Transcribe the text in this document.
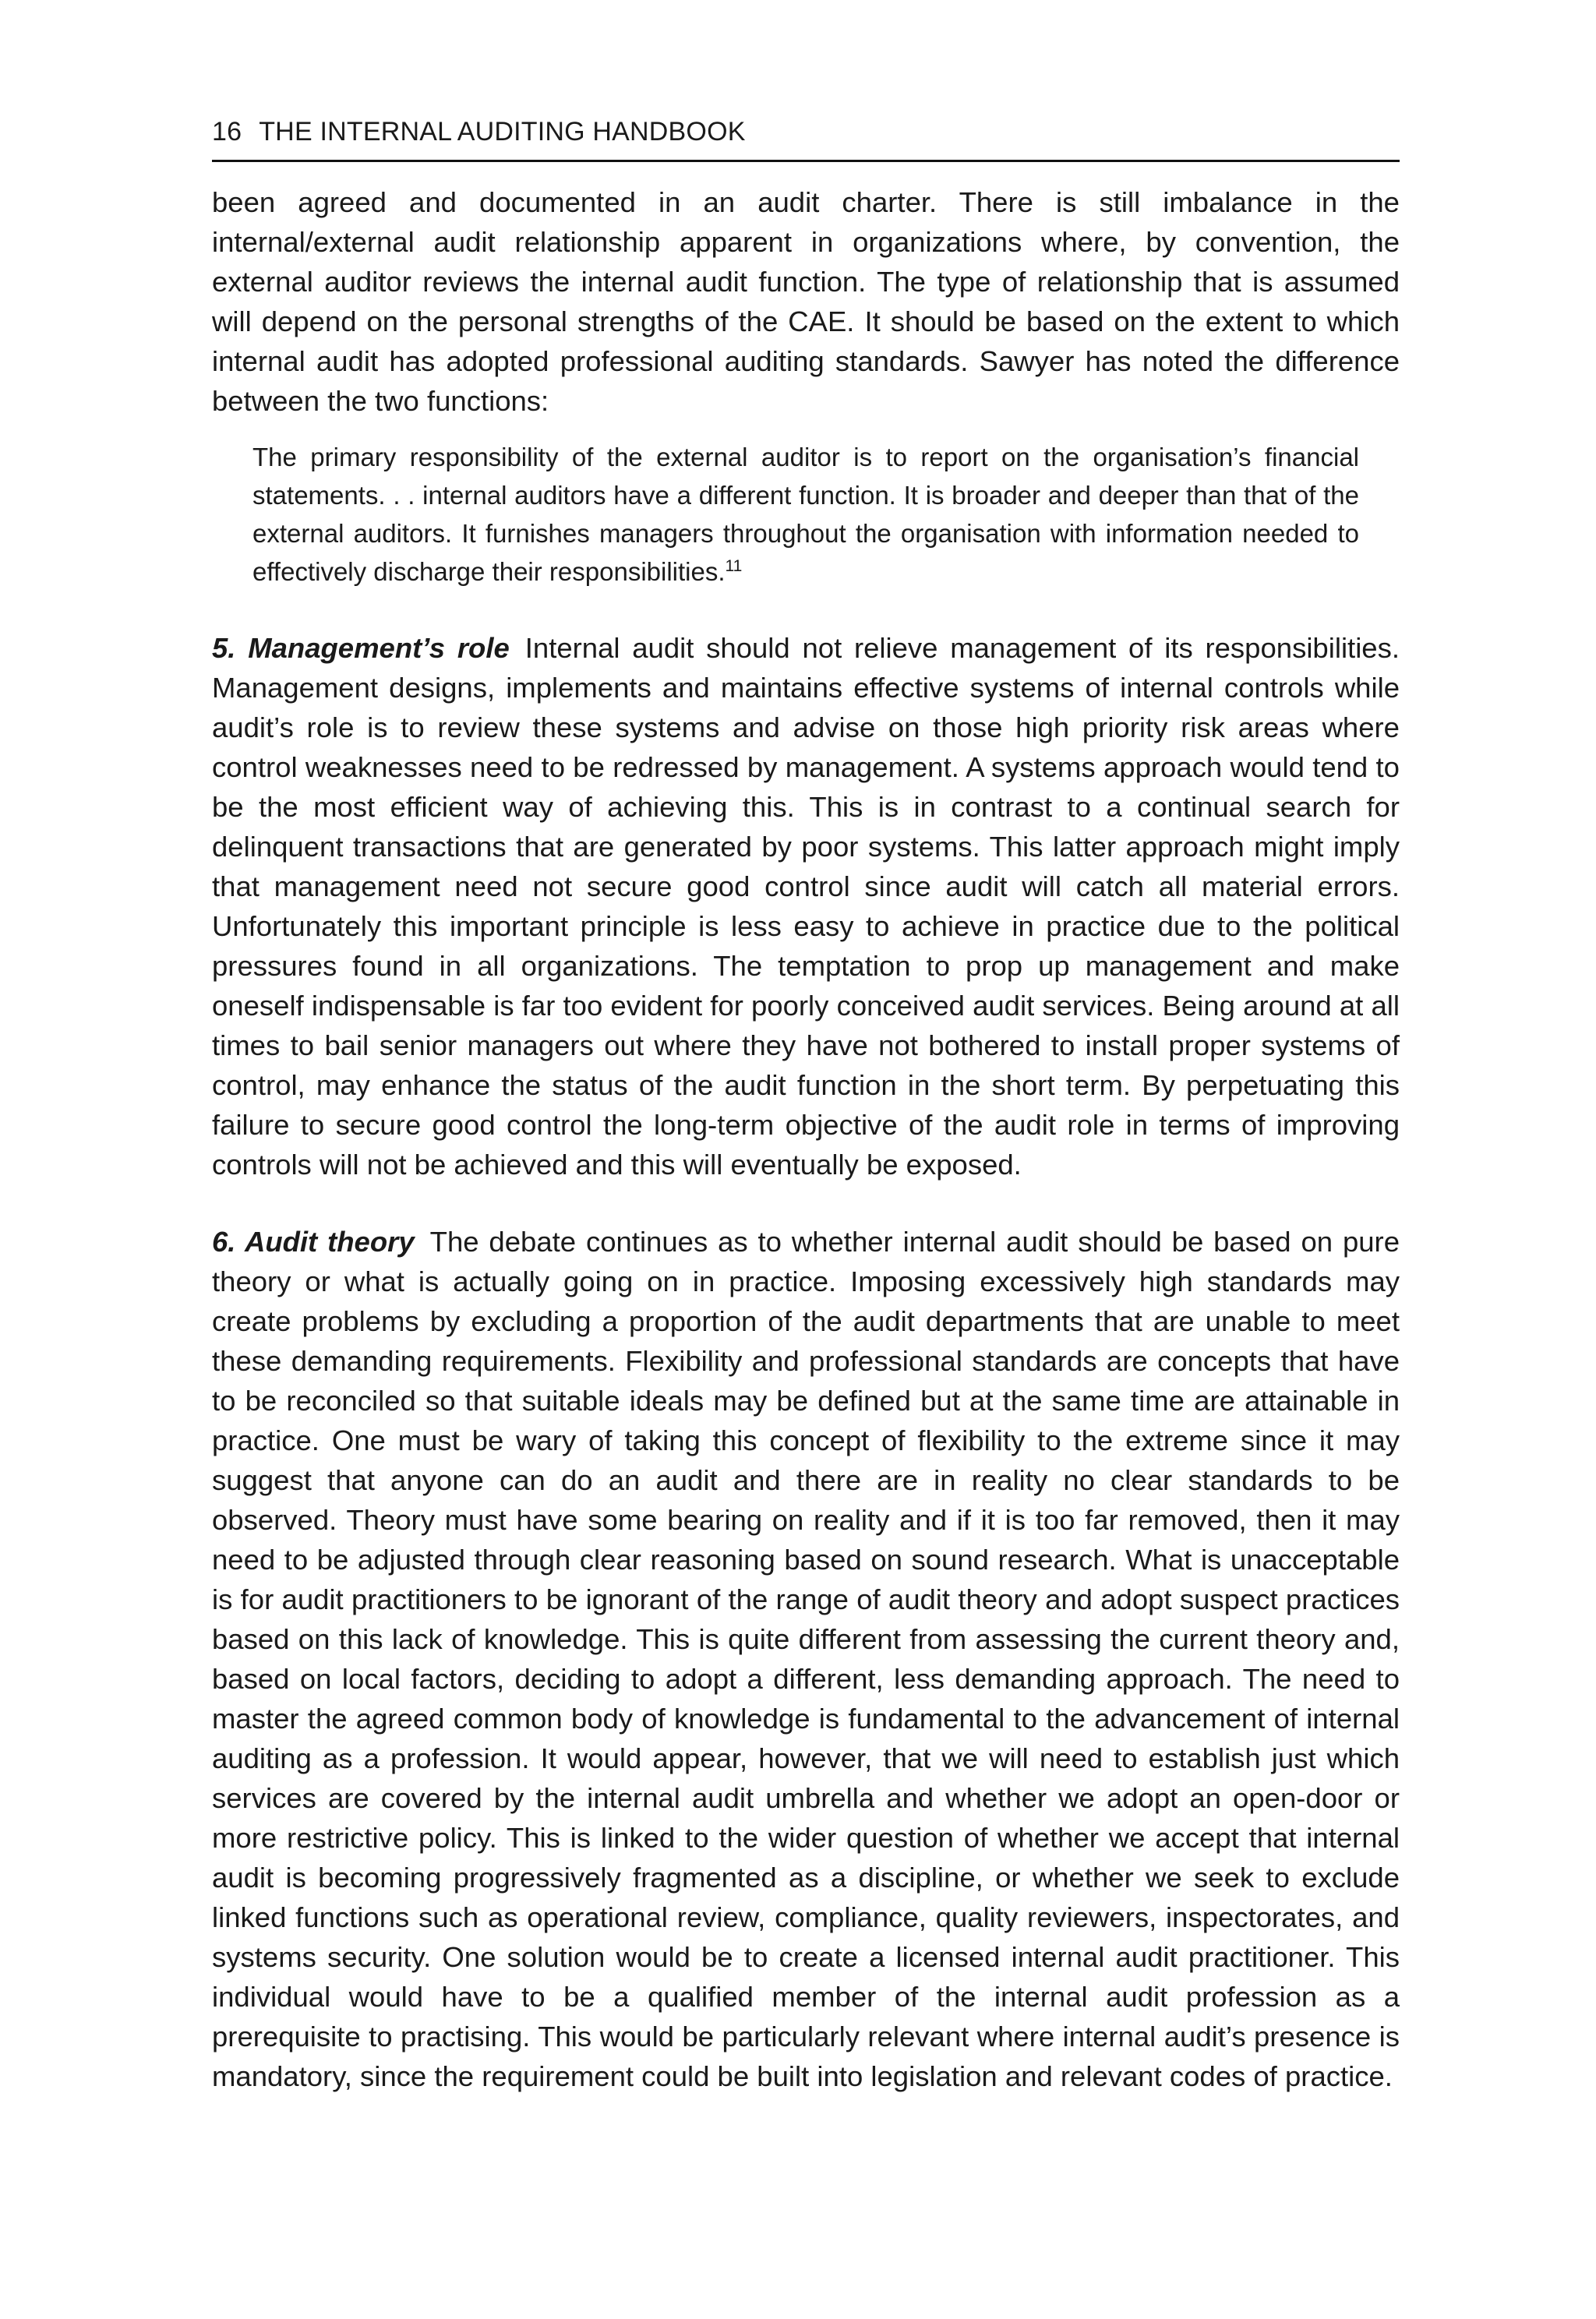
16 THE INTERNAL AUDITING HANDBOOK

been agreed and documented in an audit charter. There is still imbalance in the internal/external audit relationship apparent in organizations where, by convention, the external auditor reviews the internal audit function. The type of relationship that is assumed will depend on the personal strengths of the CAE. It should be based on the extent to which internal audit has adopted professional auditing standards. Sawyer has noted the difference between the two functions:

The primary responsibility of the external auditor is to report on the organisation’s financial statements. . . internal auditors have a different function. It is broader and deeper than that of the external auditors. It furnishes managers throughout the organisation with information needed to effectively discharge their responsibilities.$^{11}$

5. Management’s role Internal audit should not relieve management of its responsibilities. Management designs, implements and maintains effective systems of internal controls while audit’s role is to review these systems and advise on those high priority risk areas where control weaknesses need to be redressed by management. A systems approach would tend to be the most efficient way of achieving this. This is in contrast to a continual search for delinquent transactions that are generated by poor systems. This latter approach might imply that management need not secure good control since audit will catch all material errors. Unfortunately this important principle is less easy to achieve in practice due to the political pressures found in all organizations. The temptation to prop up management and make oneself indispensable is far too evident for poorly conceived audit services. Being around at all times to bail senior managers out where they have not bothered to install proper systems of control, may enhance the status of the audit function in the short term. By perpetuating this failure to secure good control the long-term objective of the audit role in terms of improving controls will not be achieved and this will eventually be exposed.

6. Audit theory The debate continues as to whether internal audit should be based on pure theory or what is actually going on in practice. Imposing excessively high standards may create problems by excluding a proportion of the audit departments that are unable to meet these demanding requirements. Flexibility and professional standards are concepts that have to be reconciled so that suitable ideals may be defined but at the same time are attainable in practice. One must be wary of taking this concept of flexibility to the extreme since it may suggest that anyone can do an audit and there are in reality no clear standards to be observed. Theory must have some bearing on reality and if it is too far removed, then it may need to be adjusted through clear reasoning based on sound research. What is unacceptable is for audit practitioners to be ignorant of the range of audit theory and adopt suspect practices based on this lack of knowledge. This is quite different from assessing the current theory and, based on local factors, deciding to adopt a different, less demanding approach. The need to master the agreed common body of knowledge is fundamental to the advancement of internal auditing as a profession. It would appear, however, that we will need to establish just which services are covered by the internal audit umbrella and whether we adopt an open-door or more restrictive policy. This is linked to the wider question of whether we accept that internal audit is becoming progressively fragmented as a discipline, or whether we seek to exclude linked functions such as operational review, compliance, quality reviewers, inspectorates, and systems security. One solution would be to create a licensed internal audit practitioner. This individual would have to be a qualified member of the internal audit profession as a prerequisite to practising. This would be particularly relevant where internal audit’s presence is mandatory, since the requirement could be built into legislation and relevant codes of practice.
